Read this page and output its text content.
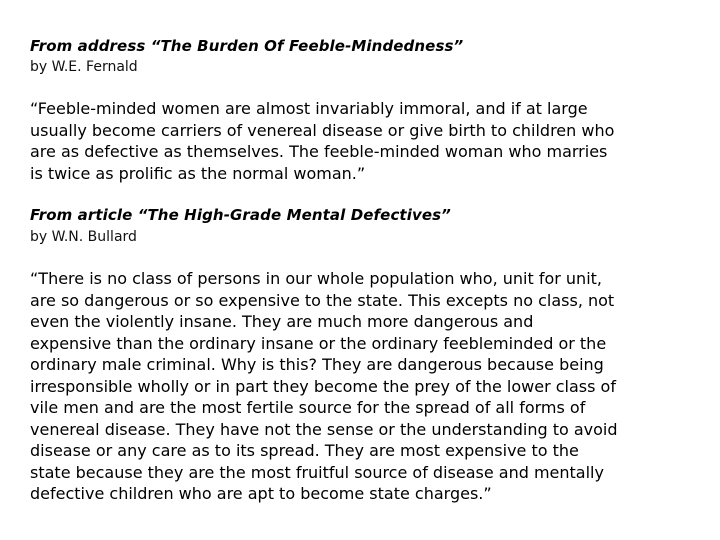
From address “The Burden Of Feeble-Mindedness”
by W.E. Fernald
“Feeble-minded women are almost invariably immoral, and if at large
usually become carriers of venereal disease or give birth to children who
are as defective as themselves. The feeble-minded woman who marries
is twice as prolific as the normal woman.”
From article “The High-Grade Mental Defectives”
by W.N. Bullard
“There is no class of persons in our whole population who, unit for unit,
are so dangerous or so expensive to the state. This excepts no class, not
even the violently insane. They are much more dangerous and
expensive than the ordinary insane or the ordinary feebleminded or the
ordinary male criminal. Why is this? They are dangerous because being
irresponsible wholly or in part they become the prey of the lower class of
vile men and are the most fertile source for the spread of all forms of
venereal disease. They have not the sense or the understanding to avoid
disease or any care as to its spread. They are most expensive to the
state because they are the most fruitful source of disease and mentally
defective children who are apt to become state charges.”
